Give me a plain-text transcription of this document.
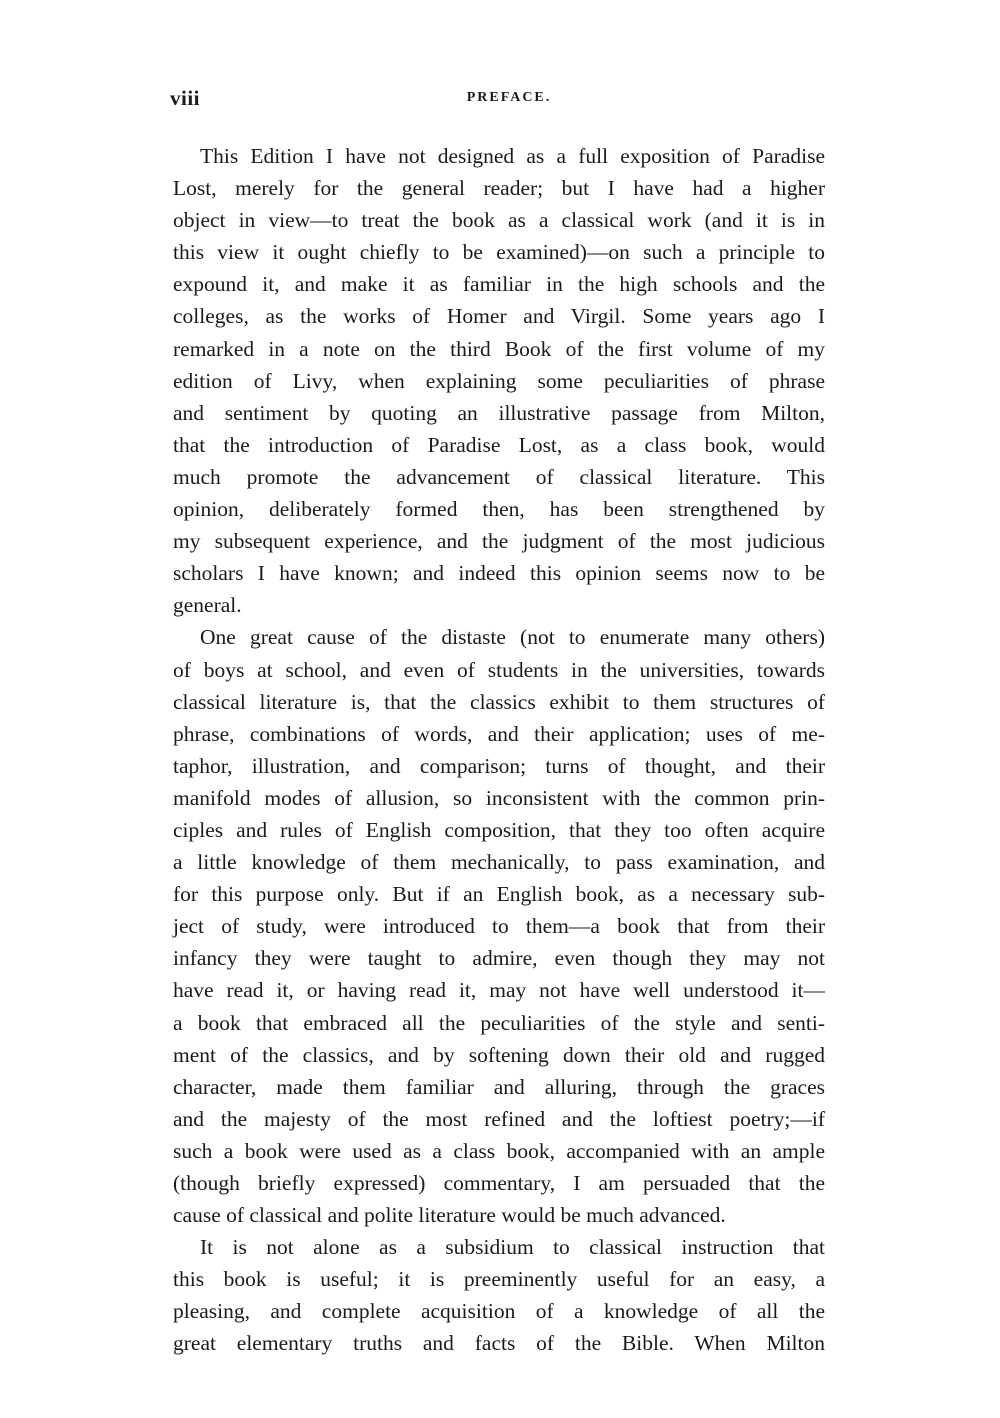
viii	PREFACE.
This Edition I have not designed as a full exposition of Paradise
Lost, merely for the general reader; but I have had a higher
object in view—to treat the book as a classical work (and it is in
this view it ought chiefly to be examined)—on such a principle to
expound it, and make it as familiar in the high schools and the
colleges, as the works of Homer and Virgil. Some years ago I
remarked in a note on the third Book of the first volume of my
edition of Livy, when explaining some peculiarities of phrase
and sentiment by quoting an illustrative passage from Milton,
that the introduction of Paradise Lost, as a class book, would
much promote the advancement of classical literature. This
opinion, deliberately formed then, has been strengthened by
my subsequent experience, and the judgment of the most judicious
scholars I have known; and indeed this opinion seems now to be
general.
One great cause of the distaste (not to enumerate many others)
of boys at school, and even of students in the universities, towards
classical literature is, that the classics exhibit to them structures of
phrase, combinations of words, and their application; uses of me-
taphor, illustration, and comparison; turns of thought, and their
manifold modes of allusion, so inconsistent with the common prin-
ciples and rules of English composition, that they too often acquire
a little knowledge of them mechanically, to pass examination, and
for this purpose only. But if an English book, as a necessary sub-
ject of study, were introduced to them—a book that from their
infancy they were taught to admire, even though they may not
have read it, or having read it, may not have well understood it—
a book that embraced all the peculiarities of the style and senti-
ment of the classics, and by softening down their old and rugged
character, made them familiar and alluring, through the graces
and the majesty of the most refined and the loftiest poetry;—if
such a book were used as a class book, accompanied with an ample
(though briefly expressed) commentary, I am persuaded that the
cause of classical and polite literature would be much advanced.
It is not alone as a subsidium to classical instruction that
this book is useful; it is preeminently useful for an easy, a
pleasing, and complete acquisition of a knowledge of all the
great elementary truths and facts of the Bible. When Milton
